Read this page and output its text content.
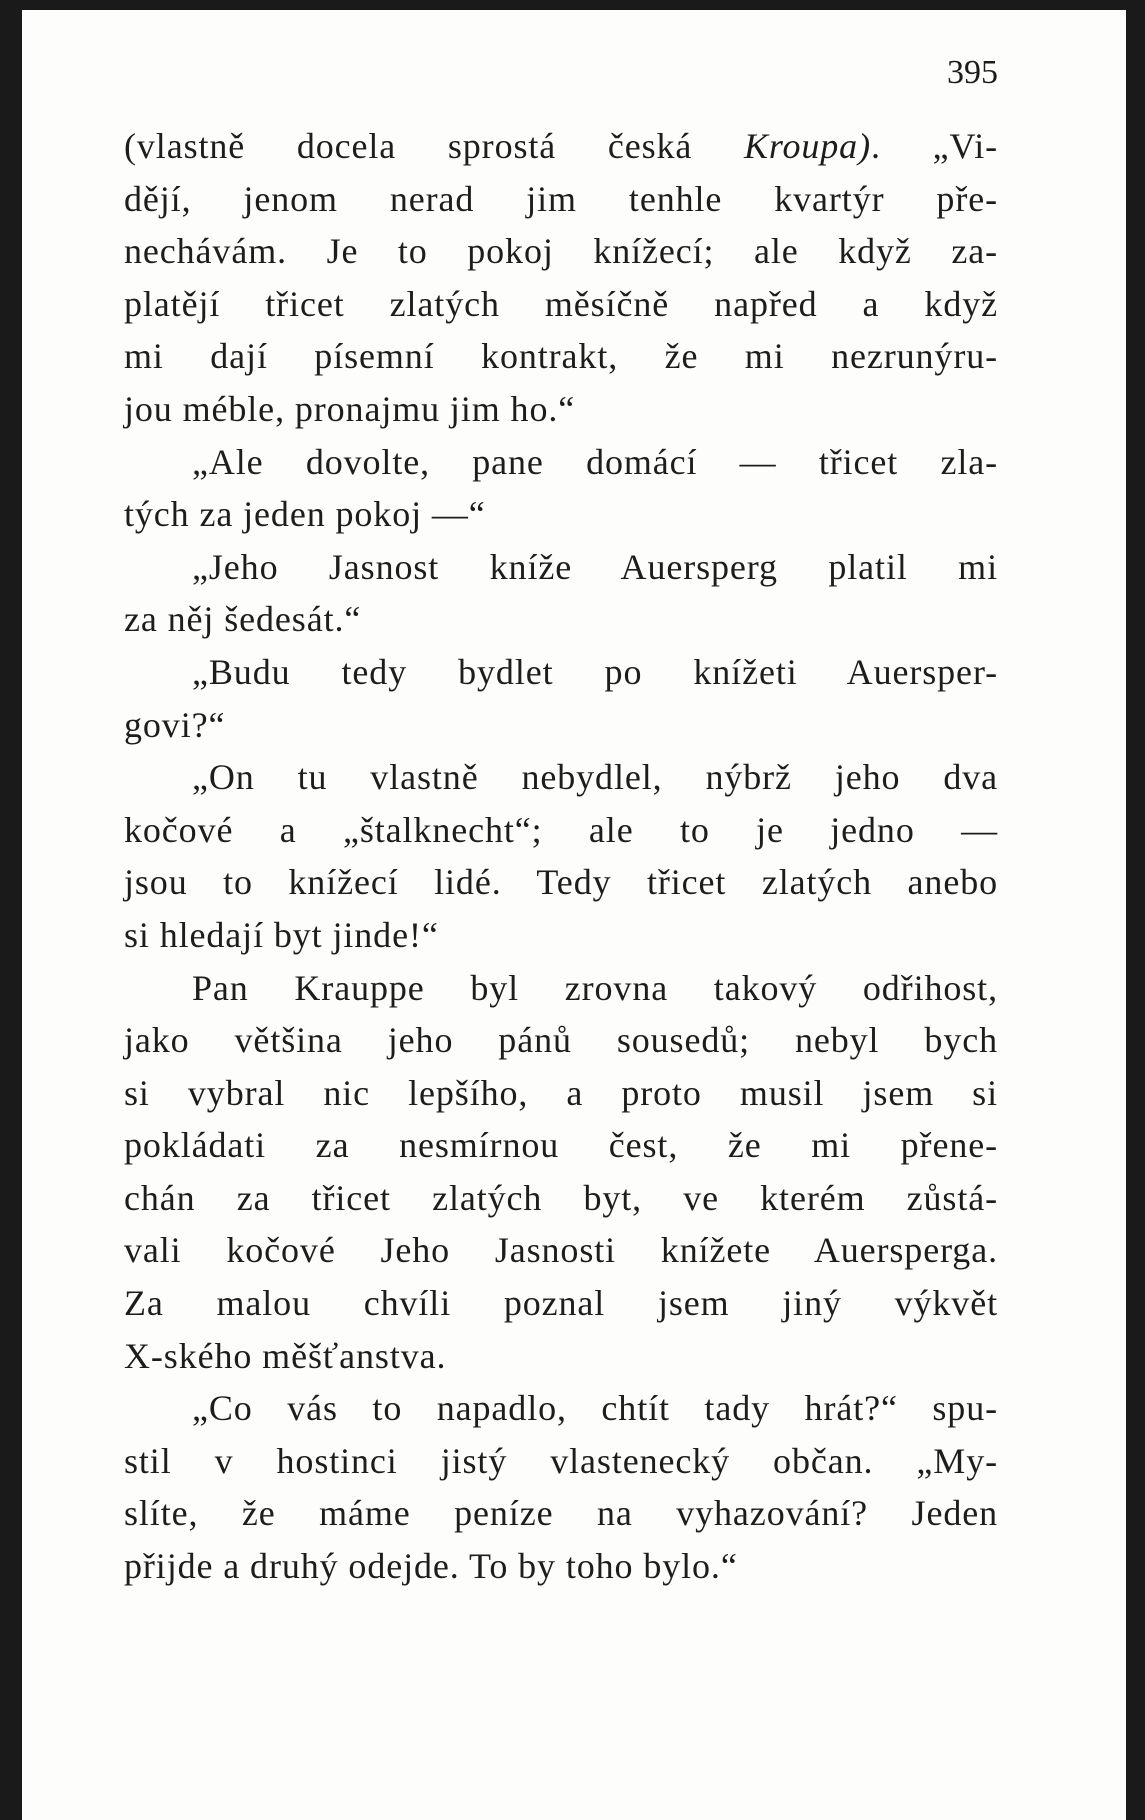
395
(vlastně docela sprostá česká Kroupa). „Vi-
dějí, jenom nerad jim tenhle kvartýr pře-
nechávám. Je to pokoj knížecí; ale když za-
platějí třicet zlatých měsíčně napřed a když
mi dají písemní kontrakt, že mi nezrunýru-
jou méble, pronajmu jim ho.“
„Ale dovolte, pane domácí — třicet zla-
tých za jeden pokoj —“
„Jeho Jasnost kníže Auersperg platil mi
za něj šedesát.“
„Budu tedy bydlet po knížeti Auersper-
govi?“
„On tu vlastně nebydlel, nýbrž jeho dva
kočové a „štalknecht“; ale to je jedno —
jsou to knížecí lidé. Tedy třicet zlatých anebo
si hledají byt jinde!“
Pan Krauppe byl zrovna takový odřihost,
jako většina jeho pánů sousedů; nebyl bych
si vybral nic lepšího, a proto musil jsem si
pokládati za nesmírnou čest, že mi přene-
chán za třicet zlatých byt, ve kterém zůstá-
vali kočové Jeho Jasnosti knížete Auersperga.
Za malou chvíli poznal jsem jiný výkvět
X-ského měšťanstva.
„Co vás to napadlo, chtít tady hrát?“ spu-
stil v hostinci jistý vlastenecký občan. „My-
slíte, že máme peníze na vyhazování? Jeden
přijde a druhý odejde. To by toho bylo.“
